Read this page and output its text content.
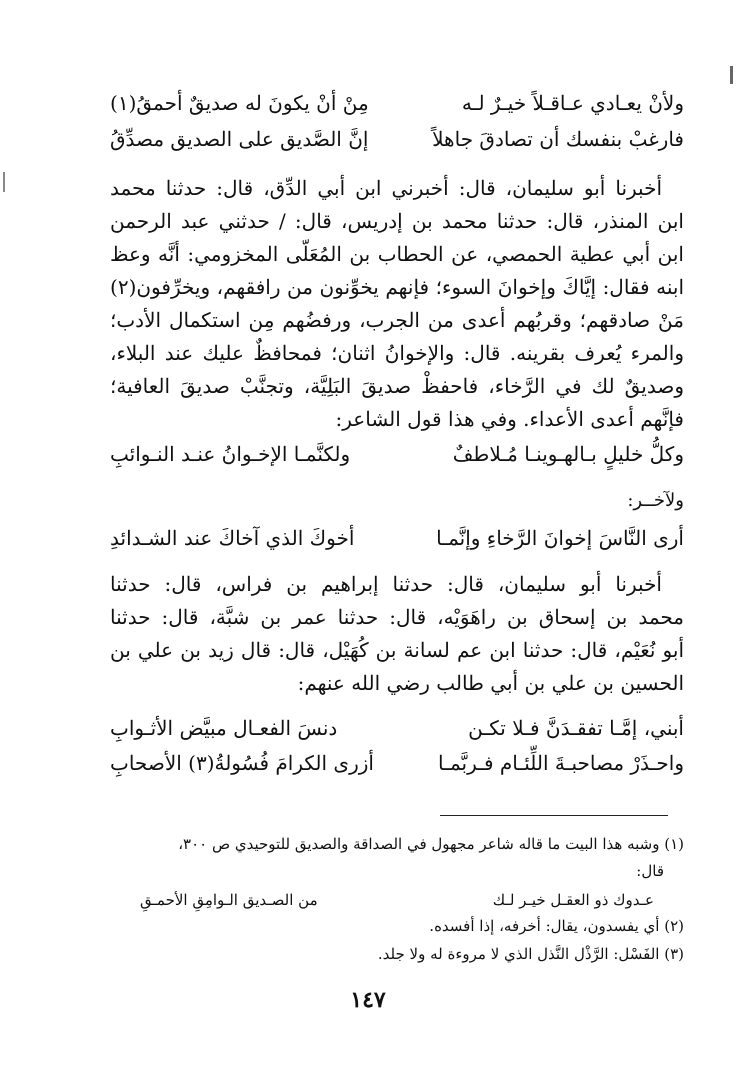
ولأنْ يعـادي عـاقـلاً خيـرٌ لـه
مِنْ أنْ يكونَ له صديقٌ أحمقُ(١)
فارغبْ بنفسك أن تصادقَ جاهلاً
إنَّ الصَّديق على الصديق مصدِّقُ
أخبرنا أبو سليمان، قال: أخبرني ابن أبي الدِّق، قال: حدثنا محمد
ابن المنذر، قال: حدثنا محمد بن إدريس، قال: / حدثني عبد الرحمن
ابن أبي عطية الحمصي، عن الحطاب بن المُعَلّى المخزومي: أنَّه وعظ
ابنه فقال: إيَّاكَ وإخوانَ السوء؛ فإنهم يخوِّنون من رافقهم، ويخرِّفون(٢)
مَنْ صادقهم؛ وقربُهم أعدى من الجرب، ورفضُهم مِن استكمال الأدب؛
والمرء يُعرف بقرينه. قال: والإخوانُ اثنان؛ فمحافظٌ عليك عند البلاء،
وصديقٌ لك في الرَّخاء، فاحفظْ صديقَ البَلِيَّة، وتجنَّبْ صديقَ العافية؛
فإنَّهم أعدى الأعداء. وفي هذا قول الشاعر:
وكلُّ خليلٍ بـالهـوينـا مُـلاطفٌ
ولكنَّمـا الإخـوانُ عنـد النـوائبِ
ولآخــر:
أرى النَّاسَ إخوانَ الرَّخاءِ وإنَّمـا
أخوكَ الذي آخاكَ عند الشـدائدِ
أخبرنا أبو سليمان، قال: حدثنا إبراهيم بن فراس، قال: حدثنا
محمد بن إسحاق بن راهَوَيْه، قال: حدثنا عمر بن شبَّة، قال: حدثنا
أبو نُعَيْم، قال: حدثنا ابن عم لسانة بن كُهَيْل، قال: قال زيد بن علي بن
الحسين بن علي بن أبي طالب رضي الله عنهم:
أبني، إمَّـا تفقـدَنَّ فـلا تكـن
دنسَ الفعـال مبيَّض الأثـوابِ
واحـذَرْ مصاحبـةَ اللِّئـام فـربَّمـا
أزرى الكرامَ فُسُولةُ(٣) الأصحابِ
(١) وشبه هذا البيت ما قاله شاعر مجهول في الصداقة والصديق للتوحيدي ص ٣٠٠،
قال:
عـدوك ذو العقـل خيـر لـك
من الصـديق الـوامِقِ الأحمـقِ
(٢) أي يفسدون، يقال: أخرفه، إذا أفسده.
(٣) الفَسْل: الرَّذْل النَّذل الذي لا مروءة له ولا جلد.
١٤٧
